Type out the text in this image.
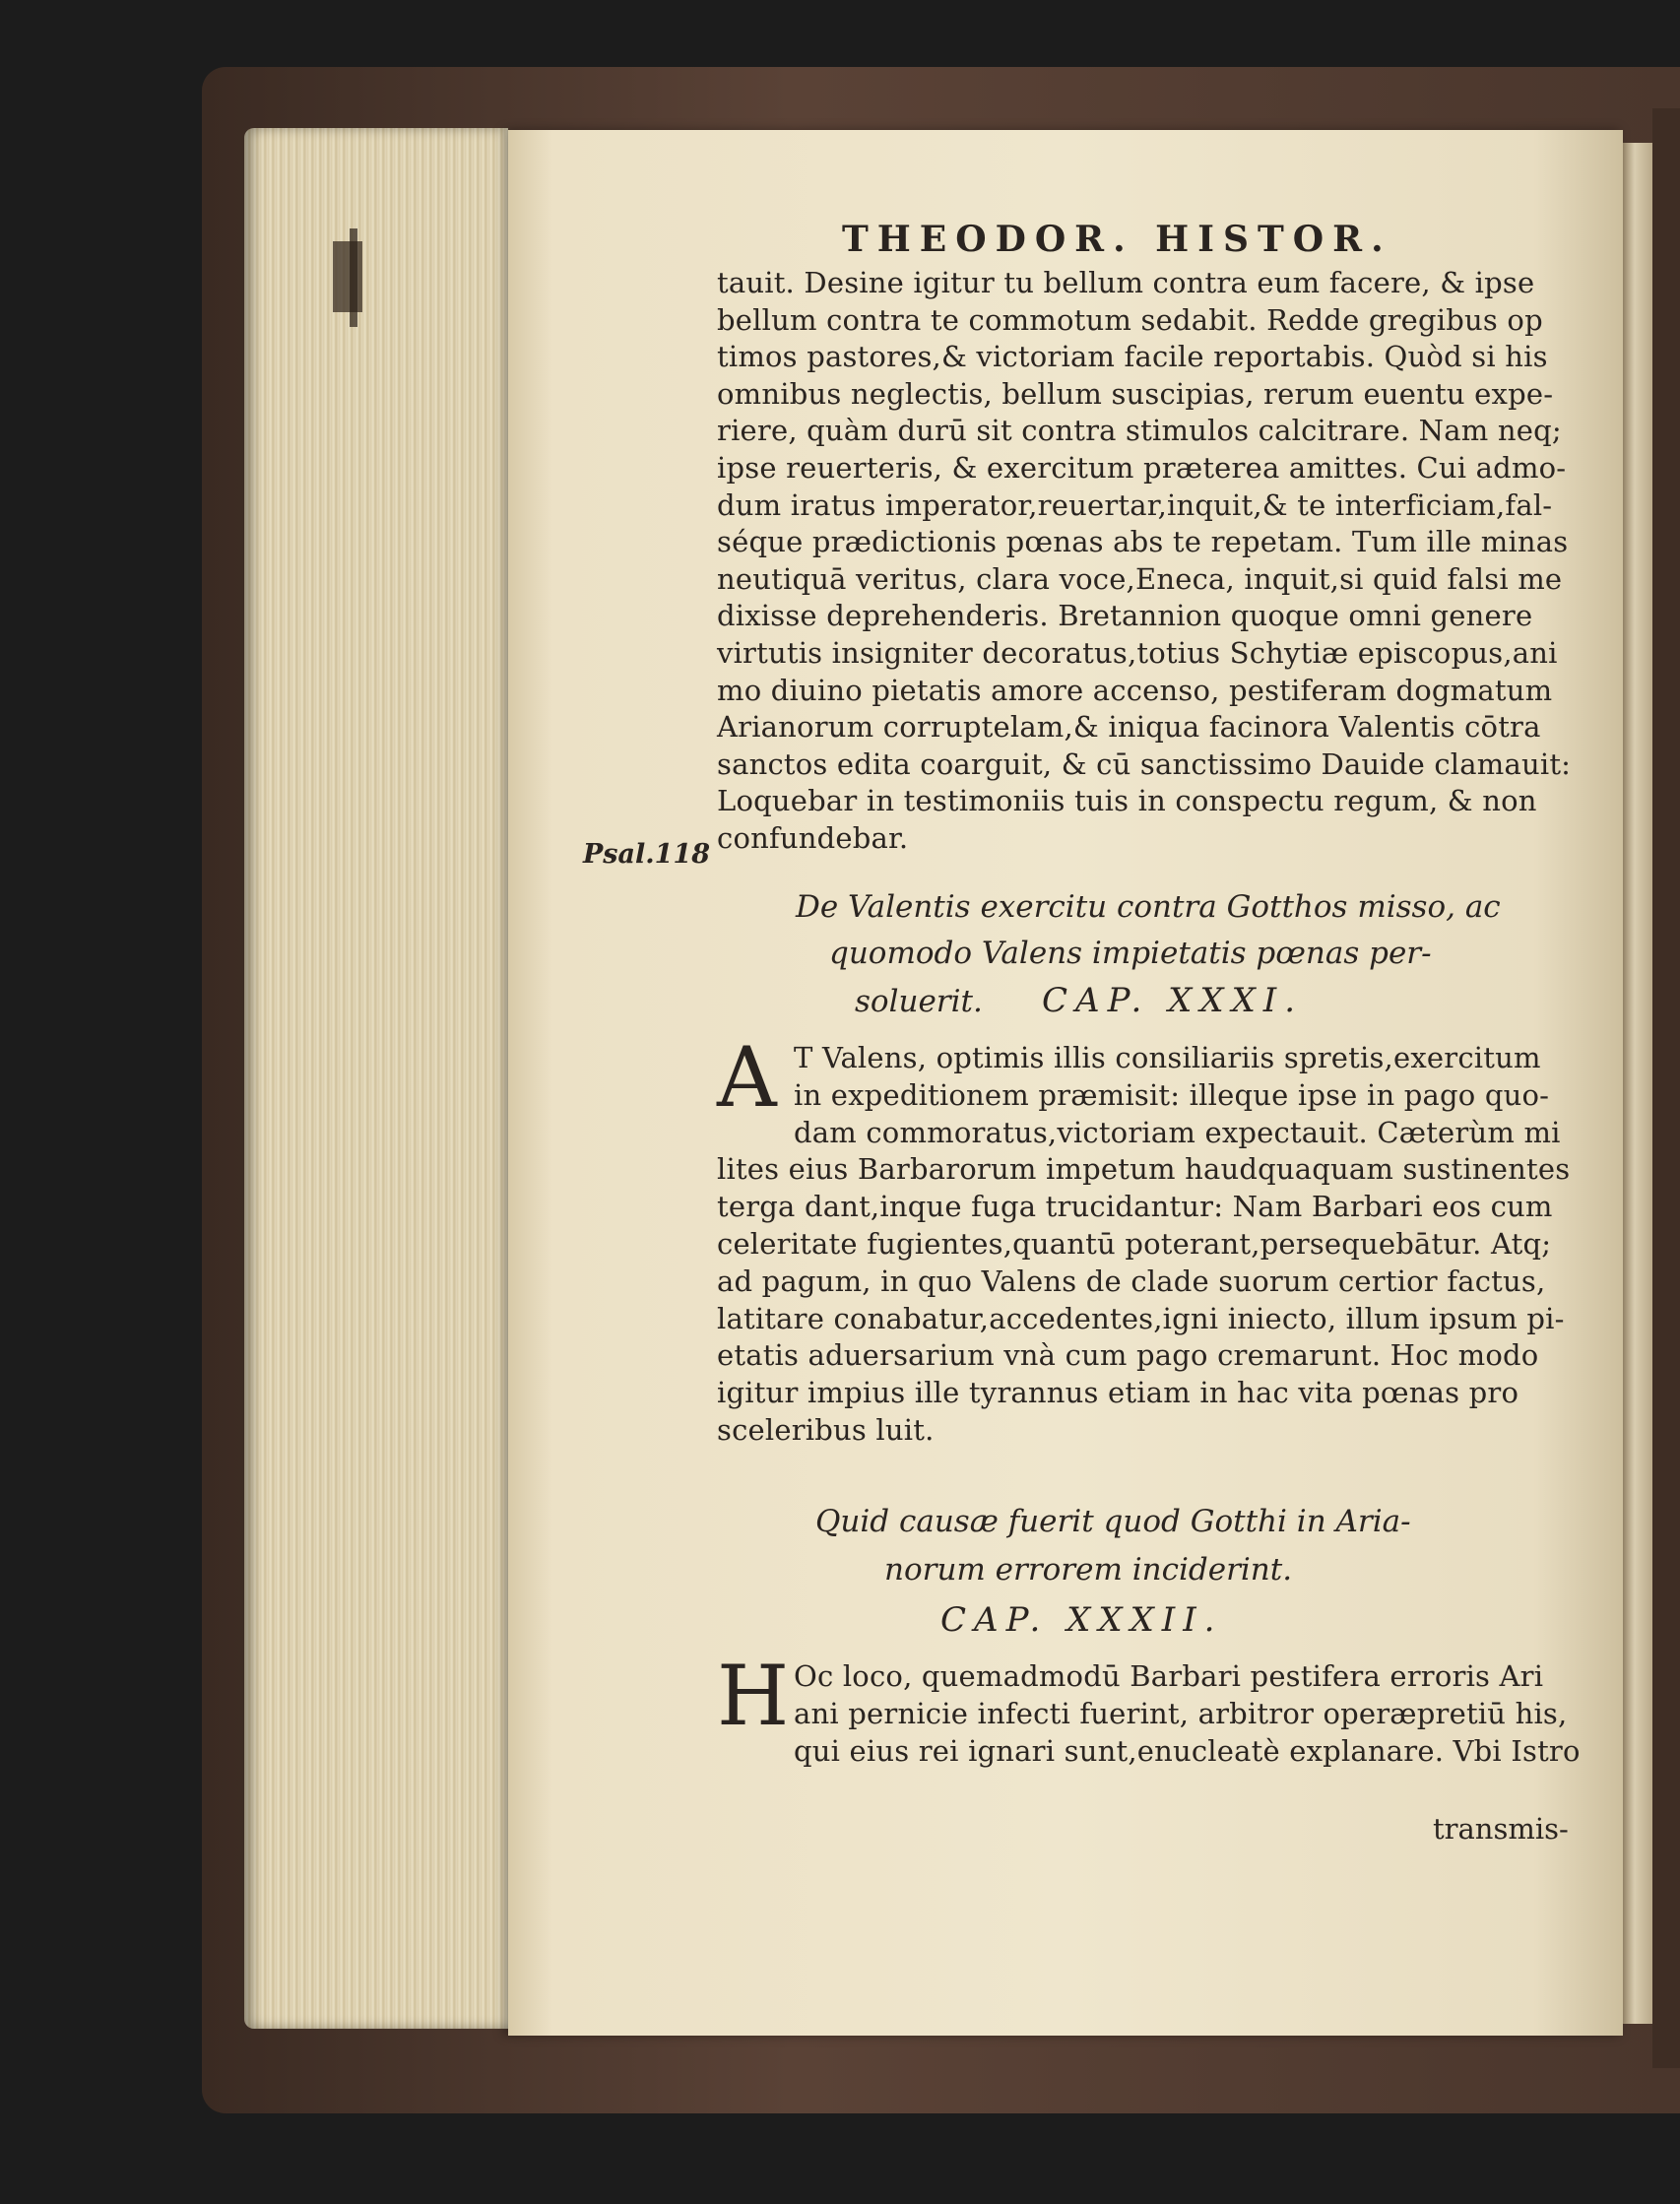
THEODOR. HISTOR.
Psal.118
tauit. Desine igitur tu bellum contra eum facere, & ipse
bellum contra te commotum sedabit. Redde gregibus op
timos pastores,& victoriam facile reportabis. Quòd si his
omnibus neglectis, bellum suscipias, rerum euentu expe-
riere, quàm durū sit contra stimulos calcitrare. Nam neq;
ipse reuerteris, & exercitum præterea amittes. Cui admo-
dum iratus imperator,reuertar,inquit,& te interficiam,fal-
séque prædictionis pœnas abs te repetam. Tum ille minas
neutiquā veritus, clara voce,Eneca, inquit,si quid falsi me
dixisse deprehenderis. Bretannion quoque omni genere
virtutis insigniter decoratus,totius Schytiæ episcopus,ani
mo diuino pietatis amore accenso, pestiferam dogmatum
Arianorum corruptelam,& iniqua facinora Valentis cōtra
sanctos edita coarguit, & cū sanctissimo Dauide clamauit:
Loquebar in testimoniis tuis in conspectu regum, & non
confundebar.
De Valentis exercitu contra Gotthos misso, ac
quomodo Valens impietatis pœnas per-
soluerit. CAP. XXXI.
A T Valens, optimis illis consiliariis spretis,exercitum
in expeditionem præmisit: illeque ipse in pago quo-
dam commoratus,victoriam expectauit. Cæterùm mi
lites eius Barbarorum impetum haudquaquam sustinentes
terga dant,inque fuga trucidantur: Nam Barbari eos cum
celeritate fugientes,quantū poterant,persequebātur. Atq;
ad pagum, in quo Valens de clade suorum certior factus,
latitare conabatur,accedentes,igni iniecto, illum ipsum pi-
etatis aduersarium vnà cum pago cremarunt. Hoc modo
igitur impius ille tyrannus etiam in hac vita pœnas pro
sceleribus luit.
Quid causæ fuerit quod Gotthi in Aria-
norum errorem inciderint.
CAP. XXXII.
H Oc loco, quemadmodū Barbari pestifera erroris Ari
ani pernicie infecti fuerint, arbitror operæpretiū his,
qui eius rei ignari sunt,enucleatè explanare. Vbi Istro
transmis-
